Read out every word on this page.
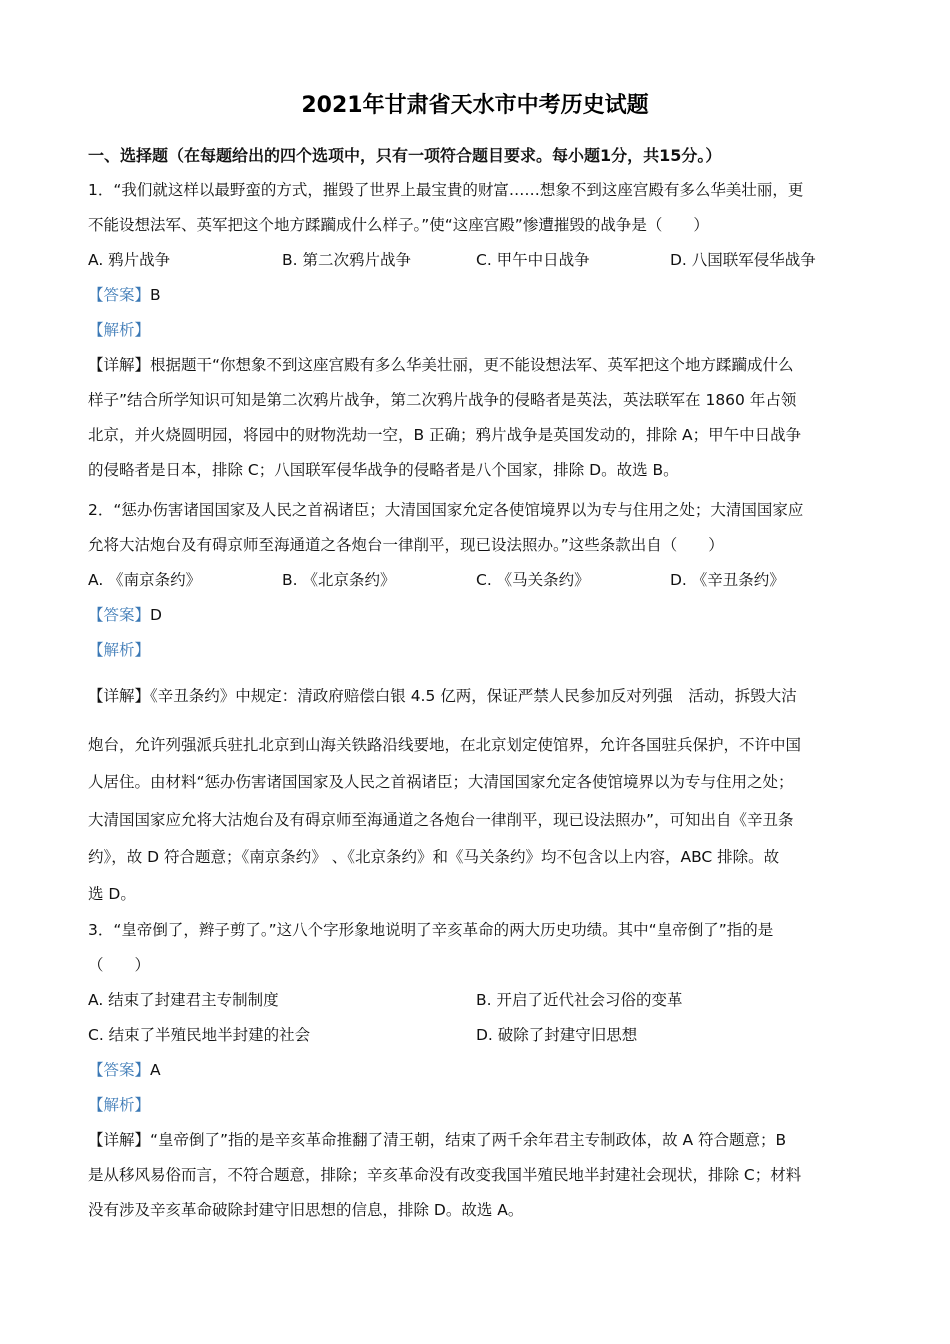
2021年甘肃省天水市中考历史试题
一、选择题（在每题给出的四个选项中，只有一项符合题目要求。每小题1分，共15分。）
1．“我们就这样以最野蛮的方式，摧毁了世界上最宝貴的财富……想象不到这座宫殿有多么华美壮丽，更
不能设想法军、英军把这个地方蹂躏成什么样子。”使“这座宫殿”惨遭摧毁的战争是（　　）
A. 鸦片战争	B. 第二次鸦片战争	C. 甲午中日战争	D. 八国联军侵华战争
【答案】B
【解析】
【详解】根据题干“你想象不到这座宫殿有多么华美壮丽，更不能设想法军、英军把这个地方蹂躏成什么
样子”结合所学知识可知是第二次鸦片战争，第二次鸦片战争的侵略者是英法，英法联军在 1860 年占领
北京，并火烧圆明园，将园中的财物洗劫一空，B 正确；鸦片战争是英国发动的，排除 A；甲午中日战争
的侵略者是日本，排除 C；八国联军侵华战争的侵略者是八个国家，排除 D。故选 B。
2．“惩办伤害诸国国家及人民之首祸诸臣；大清国国家允定各使馆境界以为专与住用之处；大清国国家应
允将大沽炮台及有碍京师至海通道之各炮台一律削平，现已设法照办。”这些条款出自（　　）
A. 《南京条约》	B. 《北京条约》	C. 《马关条约》	D. 《辛丑条约》
【答案】D
【解析】
【详解】《辛丑条约》中规定：清政府赔偿白银 4.5 亿两，保证严禁人民参加反对列强　活动，拆毁大沽
炮台，允许列强派兵驻扎北京到山海关铁路沿线要地，在北京划定使馆界，允许各国驻兵保护，不许中国
人居住。由材料“惩办伤害诸国国家及人民之首祸诸臣；大清国国家允定各使馆境界以为专与住用之处；
大清国国家应允将大沽炮台及有碍京师至海通道之各炮台一律削平，现已设法照办”，可知出自《辛丑条
约》，故 D 符合题意；《南京条约》 、《北京条约》和《马关条约》均不包含以上内容，ABC 排除。故
选 D。
3．“皇帝倒了，辫子剪了。”这八个字形象地说明了辛亥革命的两大历史功绩。其中“皇帝倒了”指的是
（　　）
A. 结束了封建君主专制制度	B. 开启了近代社会习俗的变革
C. 结束了半殖民地半封建的社会	D. 破除了封建守旧思想
【答案】A
【解析】
【详解】“皇帝倒了”指的是辛亥革命推翻了清王朝，结束了两千余年君主专制政体，故 A 符合题意；B
是从移风易俗而言，不符合题意，排除；辛亥革命没有改变我国半殖民地半封建社会现状，排除 C；材料
没有涉及辛亥革命破除封建守旧思想的信息，排除 D。故选 A。
